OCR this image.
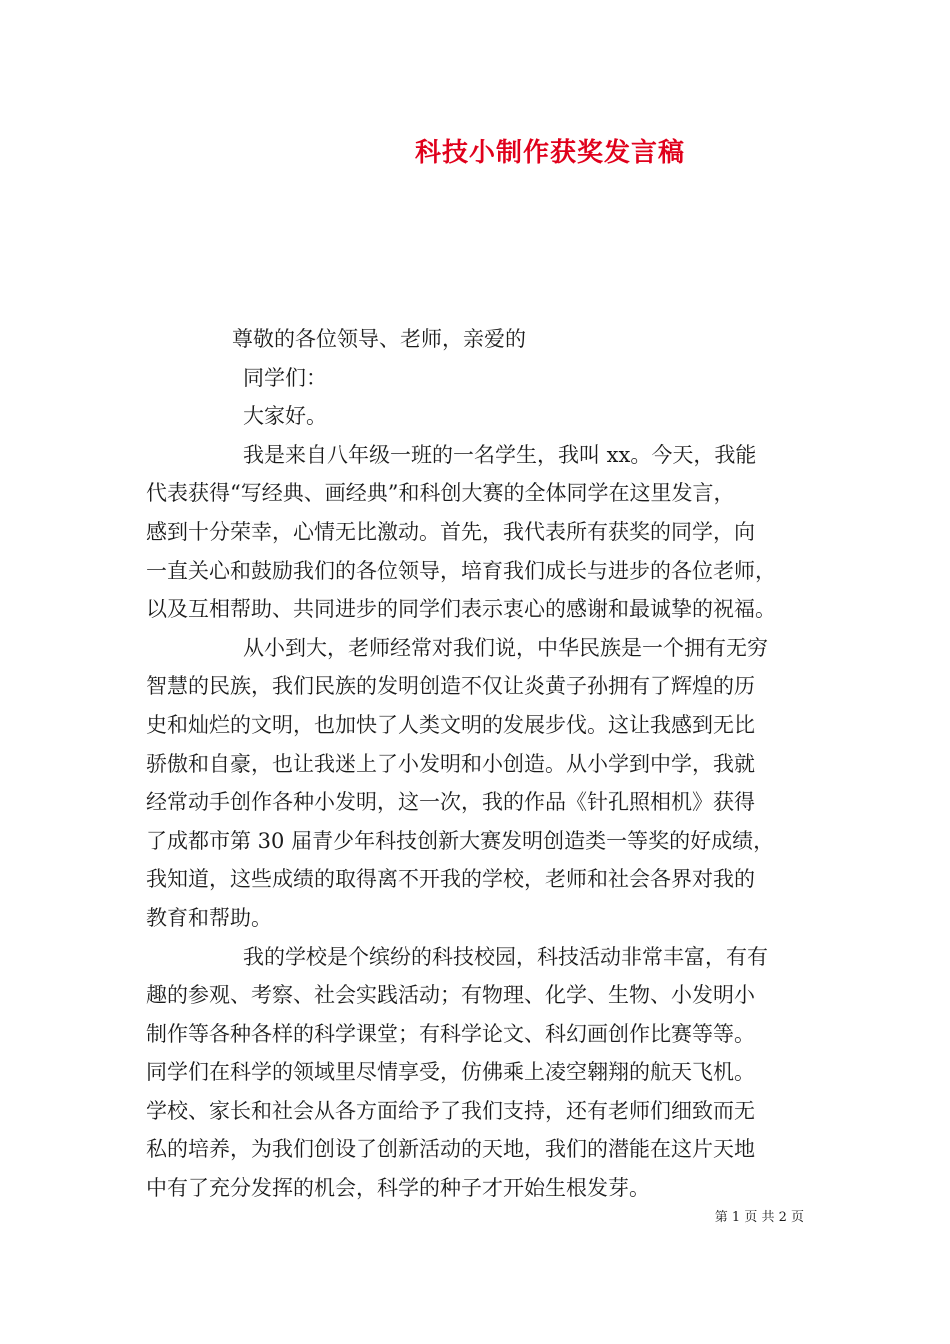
科技小制作获奖发言稿

尊敬的各位领导、老师，亲爱的

同学们：

大家好。

我是来自八年级一班的一名学生，我叫 xx。今天，我能

代表获得“写经典、画经典”和科创大赛的全体同学在这里发言，

感到十分荣幸，心情无比激动。首先，我代表所有获奖的同学，向

一直关心和鼓励我们的各位领导，培育我们成长与进步的各位老师，

以及互相帮助、共同进步的同学们表示衷心的感谢和最诚挚的祝福。

从小到大，老师经常对我们说，中华民族是一个拥有无穷

智慧的民族，我们民族的发明创造不仅让炎黄子孙拥有了辉煌的历

史和灿烂的文明，也加快了人类文明的发展步伐。这让我感到无比

骄傲和自豪，也让我迷上了小发明和小创造。从小学到中学，我就

经常动手创作各种小发明，这一次，我的作品《针孔照相机》获得

了成都市第 30 届青少年科技创新大赛发明创造类一等奖的好成绩，

我知道，这些成绩的取得离不开我的学校，老师和社会各界对我的

教育和帮助。

我的学校是个缤纷的科技校园，科技活动非常丰富，有有

趣的参观、考察、社会实践活动；有物理、化学、生物、小发明小

制作等各种各样的科学课堂；有科学论文、科幻画创作比赛等等。

同学们在科学的领域里尽情享受，仿佛乘上凌空翱翔的航天飞机。

学校、家长和社会从各方面给予了我们支持，还有老师们细致而无

私的培养，为我们创设了创新活动的天地，我们的潜能在这片天地

中有了充分发挥的机会，科学的种子才开始生根发芽。

第 1 页 共 2 页
